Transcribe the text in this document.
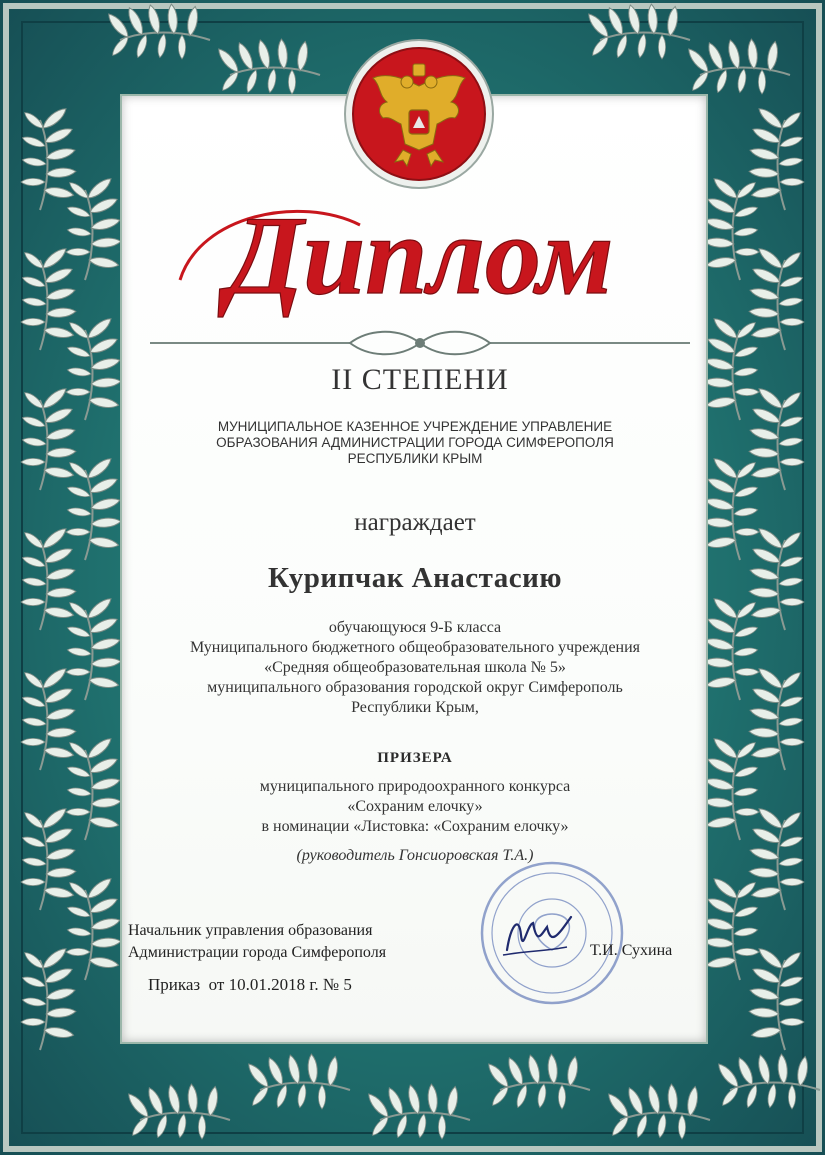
Диплом
II СТЕПЕНИ
МУНИЦИПАЛЬНОЕ КАЗЕННОЕ УЧРЕЖДЕНИЕ УПРАВЛЕНИЕ
ОБРАЗОВАНИЯ АДМИНИСТРАЦИИ ГОРОДА СИМФЕРОПОЛЯ
РЕСПУБЛИКИ КРЫМ
награждает
Курипчак Анастасию
обучающуюся 9-Б класса
Муниципального бюджетного общеобразовательного учреждения
«Средняя общеобразовательная школа № 5»
муниципального образования городской округ Симферополь
Республики Крым,
ПРИЗЕРА
муниципального природоохранного конкурса
«Сохраним елочку»
в номинации «Листовка: «Сохраним елочку»
(руководитель Гонсиоровская Т.А.)
Начальник управления образования
Администрации города Симферополя	Т.И. Сухина
Приказ  от 10.01.2018 г. № 5
